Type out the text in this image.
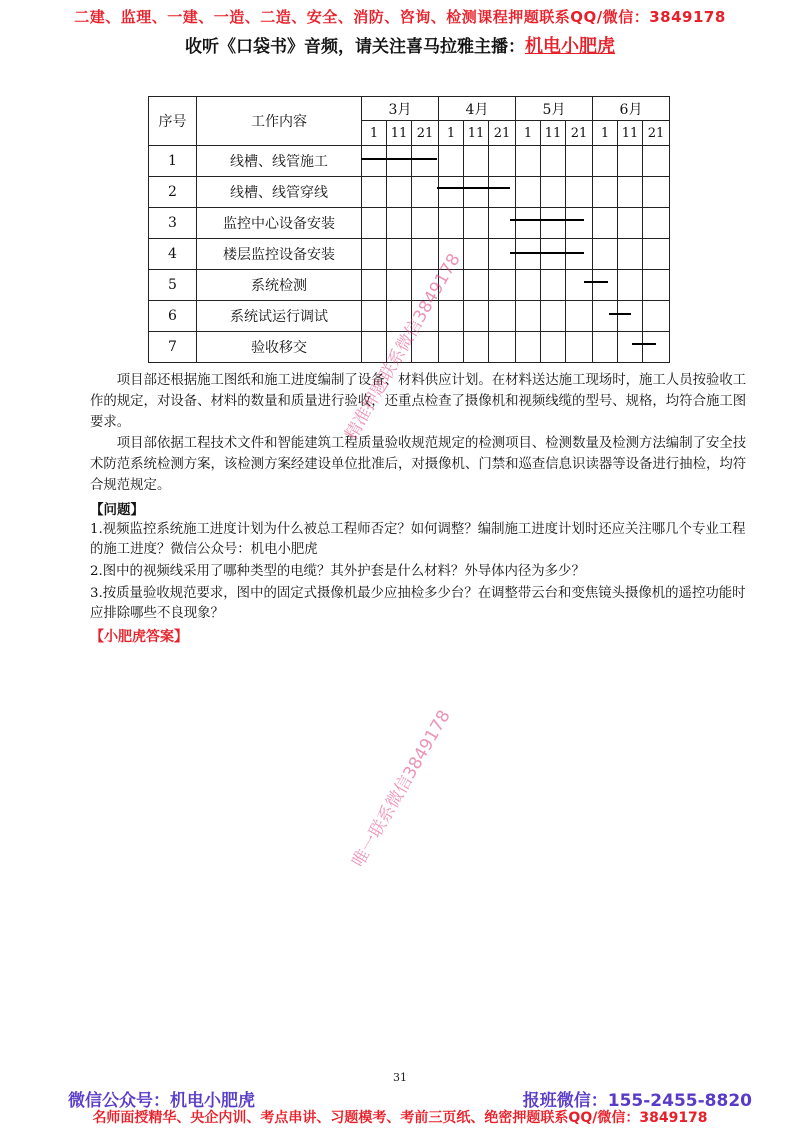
二建、监理、一建、一造、二造、安全、消防、咨询、检测课程押题联系QQ/微信：3849178
收听《口袋书》音频，请关注喜马拉雅主播：机电小肥虎
序号	工作内容	3月			4月			5月			6月		
		1	11	21	1	11	21	1	11	21	1	11	21
1	线槽、线管施工												
2	线槽、线管穿线												
3	监控中心设备安装												
4	楼层监控设备安装												
5	系统检测												
6	系统试运行调试												
7	验收移交												
项目部还根据施工图纸和施工进度编制了设备、材料供应计划。在材料送达施工现场时，施工人员按验收工作的规定，对设备、材料的数量和质量进行验收，还重点检查了摄像机和视频线缆的型号、规格，均符合施工图要求。
项目部依据工程技术文件和智能建筑工程质量验收规范规定的检测项目、检测数量及检测方法编制了安全技术防范系统检测方案，该检测方案经建设单位批准后，对摄像机、门禁和巡查信息识读器等设备进行抽检，均符合规范规定。
【问题】
1.视频监控系统施工进度计划为什么被总工程师否定？如何调整？编制施工进度计划时还应关注哪几个专业工程的施工进度？微信公众号：机电小肥虎
2.图中的视频线采用了哪种类型的电缆？其外护套是什么材料？外导体内径为多少？
3.按质量验收规范要求，图中的固定式摄像机最少应抽检多少台？在调整带云台和变焦镜头摄像机的遥控功能时应排除哪些不良现象？
【小肥虎答案】
精准押题联系微信3849178
唯一联系微信3849178
31
微信公众号：机电小肥虎	报班微信：155-2455-8820
名师面授精华、央企内训、考点串讲、习题模考、考前三页纸、绝密押题联系QQ/微信：3849178
